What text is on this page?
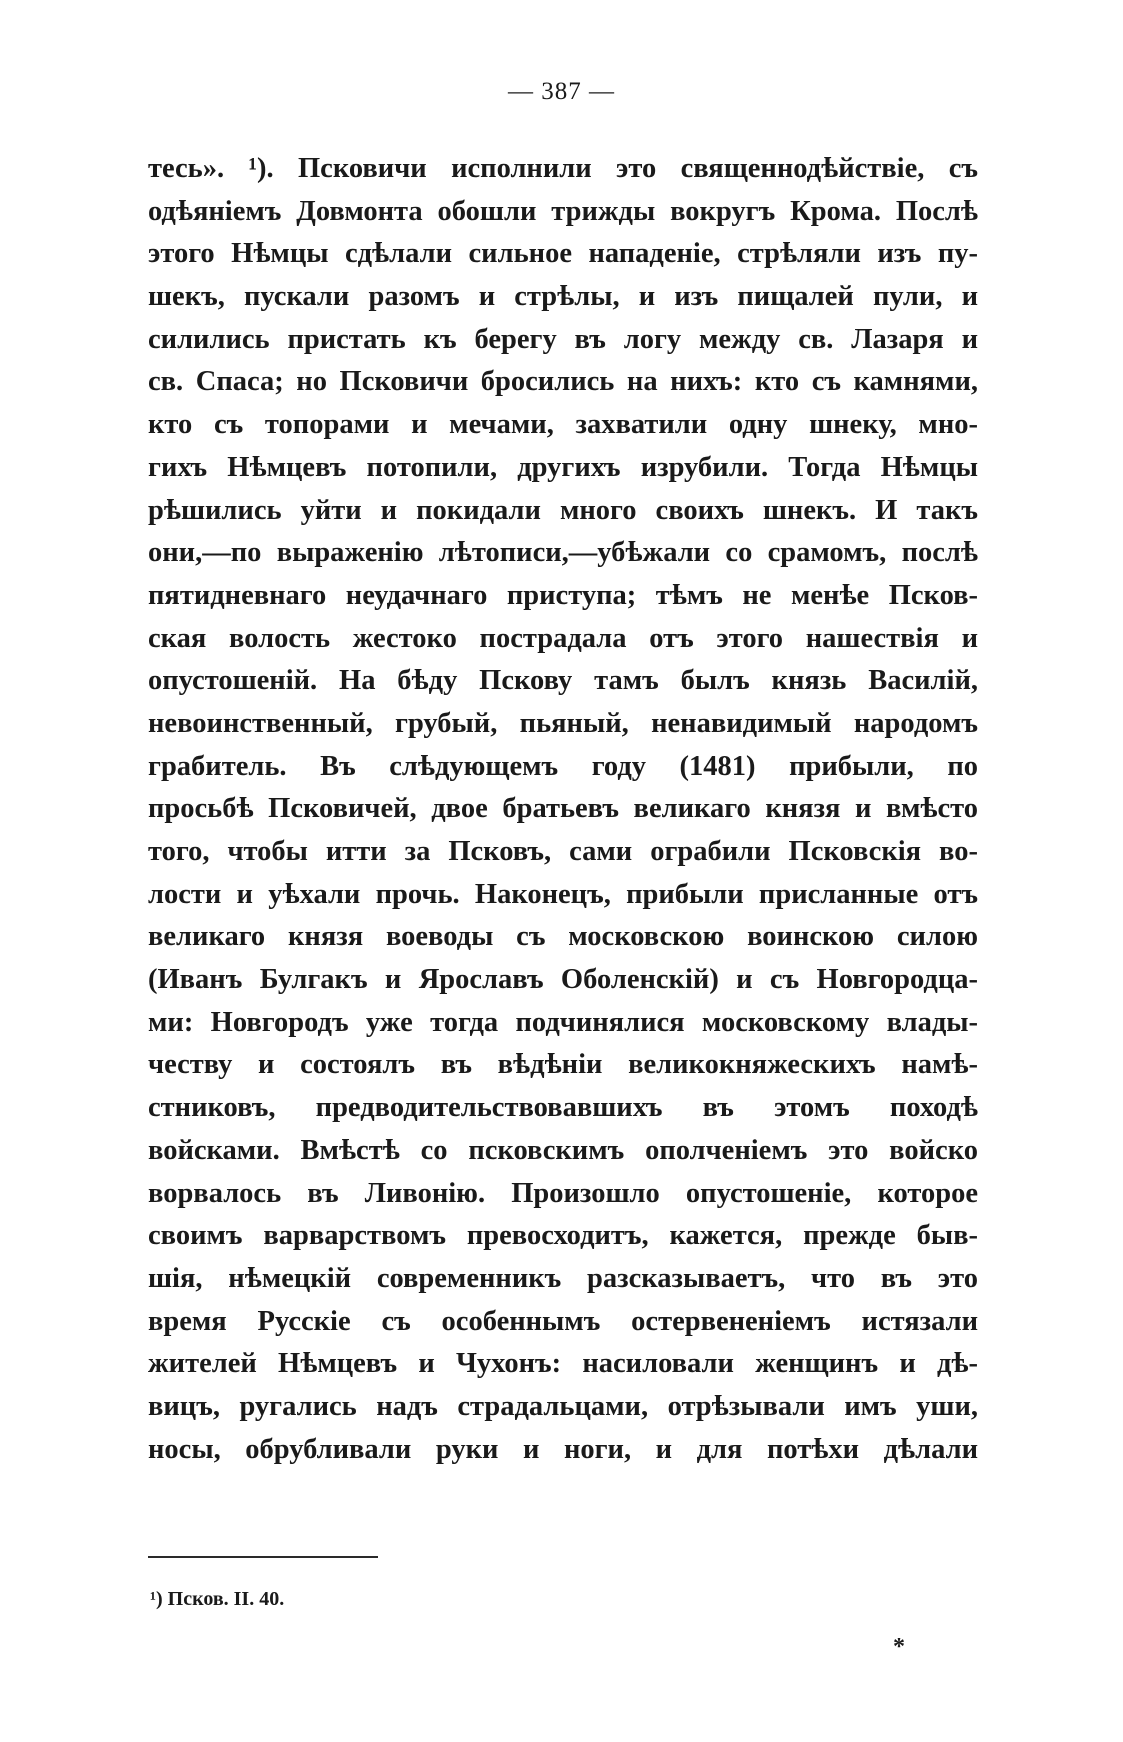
— 387 —
тесь». ¹). Псковичи исполнили это священнодѣйствіе, съ
одѣяніемъ Довмонта обошли трижды вокругъ Крома. Послѣ
этого Нѣмцы сдѣлали сильное нападеніе, стрѣляли изъ пу-
шекъ, пускали разомъ и стрѣлы, и изъ пищалей пули, и
силились пристать къ берегу въ логу между св. Лазаря и
св. Спаса; но Псковичи бросились на нихъ: кто съ камнями,
кто съ топорами и мечами, захватили одну шнеку, мно-
гихъ Нѣмцевъ потопили, другихъ изрубили. Тогда Нѣмцы
рѣшились уйти и покидали много своихъ шнекъ. И такъ
они,—по выраженію лѣтописи,—убѣжали со срамомъ, послѣ
пятидневнаго неудачнаго приступа; тѣмъ не менѣе Псков-
ская волость жестоко пострадала отъ этого нашествія и
опустошеній. На бѣду Пскову тамъ былъ князь Василій,
невоинственный, грубый, пьяный, ненавидимый народомъ
грабитель. Въ слѣдующемъ году (1481) прибыли, по
просьбѣ Псковичей, двое братьевъ великаго князя и вмѣсто
того, чтобы итти за Псковъ, сами ограбили Псковскія во-
лости и уѣхали прочь. Наконецъ, прибыли присланные отъ
великаго князя воеводы съ московскою воинскою силою
(Иванъ Булгакъ и Ярославъ Оболенскій) и съ Новгородца-
ми: Новгородъ уже тогда подчинялися московскому влады-
честву и состоялъ въ вѣдѣніи великокняжескихъ намѣ-
стниковъ, предводительствовавшихъ въ этомъ походѣ
войсками. Вмѣстѣ со псковскимъ ополченіемъ это войско
ворвалось въ Ливонію. Произошло опустошеніе, которое
своимъ варварствомъ превосходитъ, кажется, прежде быв-
шія, нѣмецкій современникъ разсказываетъ, что въ это
время Русскіе съ особеннымъ остервененіемъ истязали
жителей Нѣмцевъ и Чухонъ: насиловали женщинъ и дѣ-
вицъ, ругались надъ страдальцами, отрѣзывали имъ уши,
носы, обрубливали руки и ноги, и для потѣхи дѣлали
¹) Псков. II. 40.
*
